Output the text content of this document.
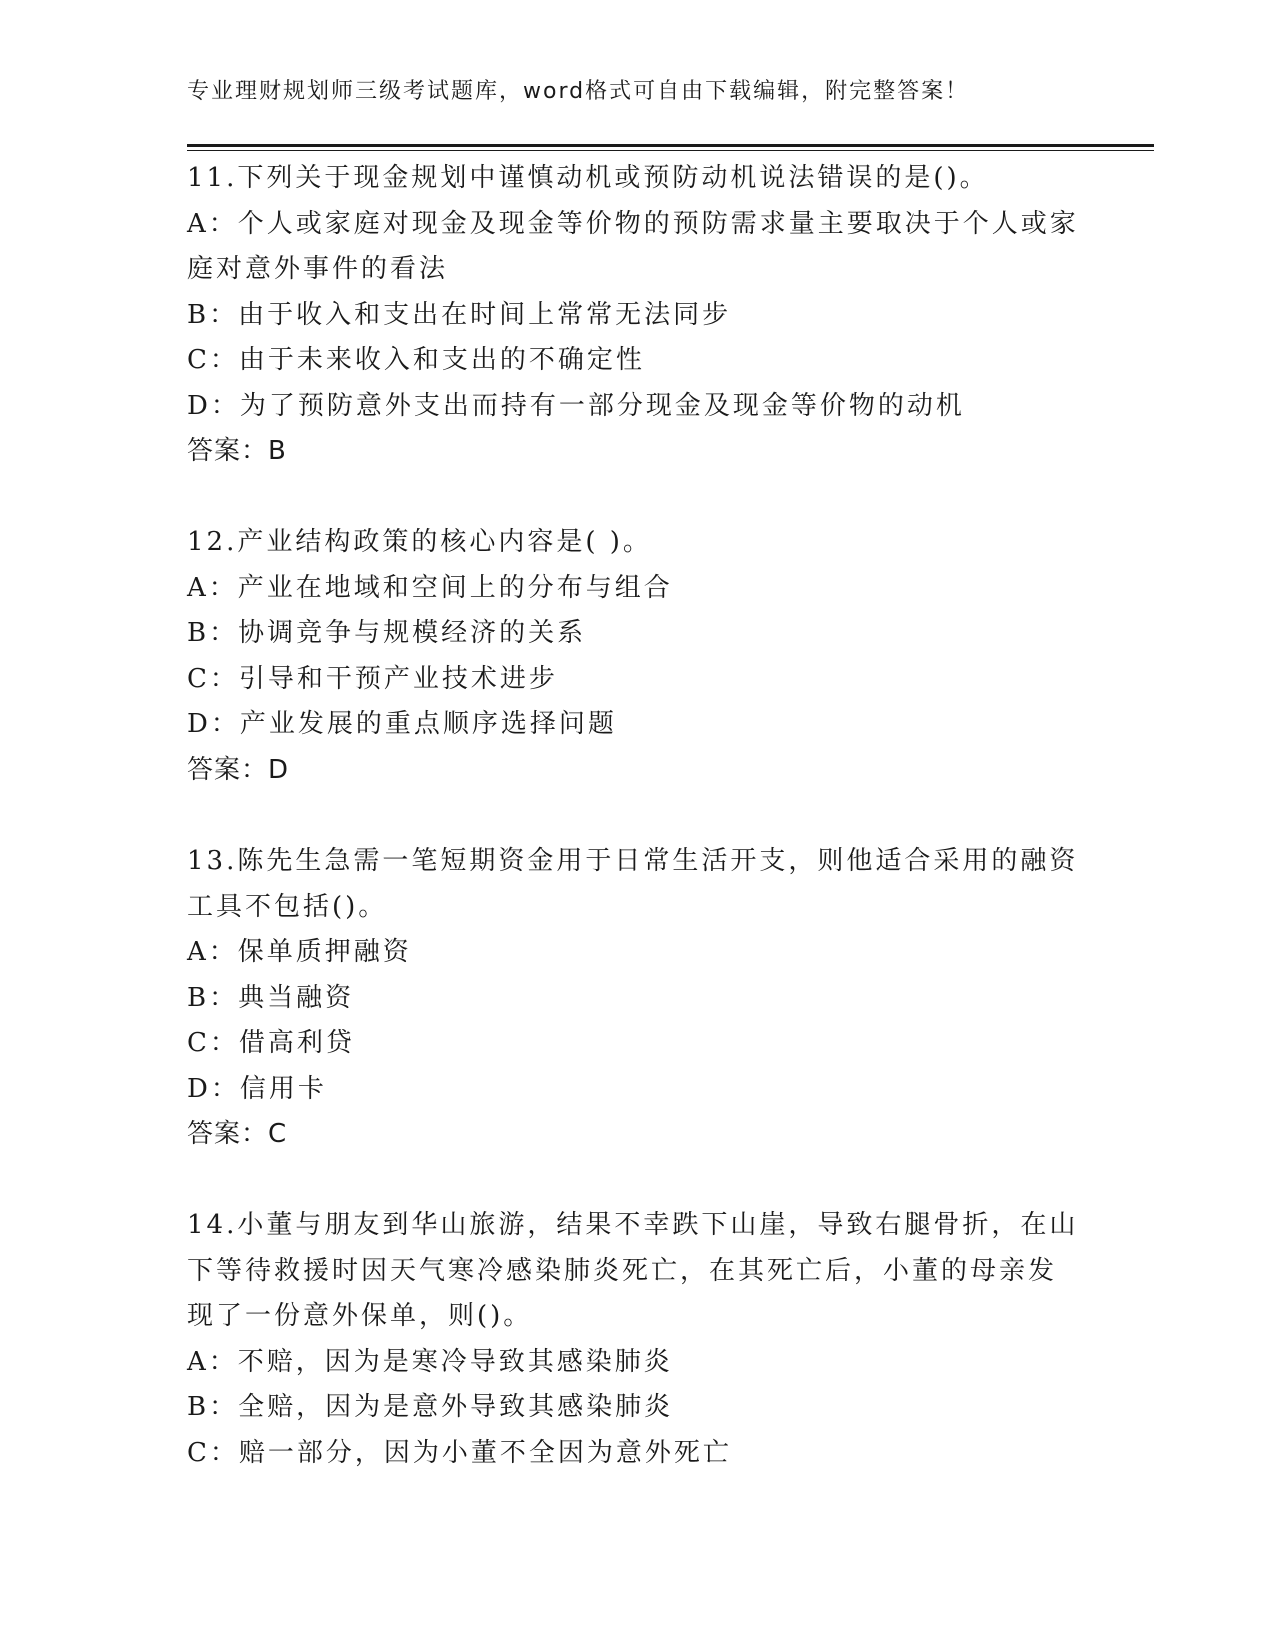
专业理财规划师三级考试题库，word格式可自由下载编辑，附完整答案！
11.下列关于现金规划中谨慎动机或预防动机说法错误的是()。
A：个人或家庭对现金及现金等价物的预防需求量主要取决于个人或家
庭对意外事件的看法
B：由于收入和支出在时间上常常无法同步
C：由于未来收入和支出的不确定性
D：为了预防意外支出而持有一部分现金及现金等价物的动机
答案：B
12.产业结构政策的核心内容是( )。
A：产业在地域和空间上的分布与组合
B：协调竞争与规模经济的关系
C：引导和干预产业技术进步
D：产业发展的重点顺序选择问题
答案：D
13.陈先生急需一笔短期资金用于日常生活开支，则他适合采用的融资
工具不包括()。
A：保单质押融资
B：典当融资
C：借高利贷
D：信用卡
答案：C
14.小董与朋友到华山旅游，结果不幸跌下山崖，导致右腿骨折，在山
下等待救援时因天气寒冷感染肺炎死亡，在其死亡后，小董的母亲发
现了一份意外保单，则()。
A：不赔，因为是寒冷导致其感染肺炎
B：全赔，因为是意外导致其感染肺炎
C：赔一部分，因为小董不全因为意外死亡
